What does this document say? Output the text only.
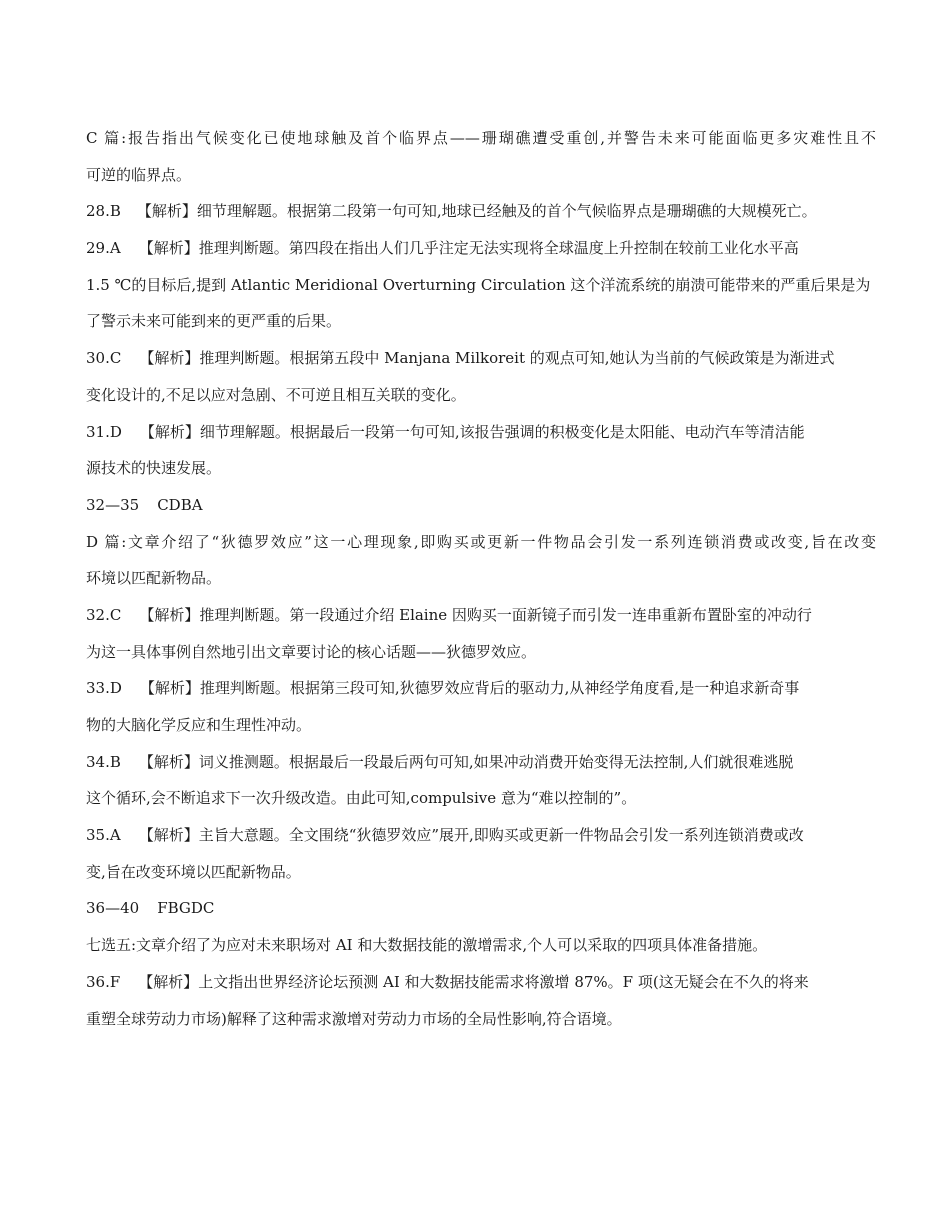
C 篇:报告指出气候变化已使地球触及首个临界点——珊瑚礁遭受重创,并警告未来可能面临更多灾难性且不
可逆的临界点。
28.B 【解析】细节理解题。根据第二段第一句可知,地球已经触及的首个气候临界点是珊瑚礁的大规模死亡。
29.A 【解析】推理判断题。第四段在指出人们几乎注定无法实现将全球温度上升控制在较前工业化水平高
1.5 ℃的目标后,提到 Atlantic Meridional Overturning Circulation 这个洋流系统的崩溃可能带来的严重后果是为
了警示未来可能到来的更严重的后果。
30.C 【解析】推理判断题。根据第五段中 Manjana Milkoreit 的观点可知,她认为当前的气候政策是为渐进式
变化设计的,不足以应对急剧、不可逆且相互关联的变化。
31.D 【解析】细节理解题。根据最后一段第一句可知,该报告强调的积极变化是太阳能、电动汽车等清洁能
源技术的快速发展。
32—35 CDBA
D 篇:文章介绍了“狄德罗效应”这一心理现象,即购买或更新一件物品会引发一系列连锁消费或改变,旨在改变
环境以匹配新物品。
32.C 【解析】推理判断题。第一段通过介绍 Elaine 因购买一面新镜子而引发一连串重新布置卧室的冲动行
为这一具体事例自然地引出文章要讨论的核心话题——狄德罗效应。
33.D 【解析】推理判断题。根据第三段可知,狄德罗效应背后的驱动力,从神经学角度看,是一种追求新奇事
物的大脑化学反应和生理性冲动。
34.B 【解析】词义推测题。根据最后一段最后两句可知,如果冲动消费开始变得无法控制,人们就很难逃脱
这个循环,会不断追求下一次升级改造。由此可知,compulsive 意为“难以控制的”。
35.A 【解析】主旨大意题。全文围绕“狄德罗效应”展开,即购买或更新一件物品会引发一系列连锁消费或改
变,旨在改变环境以匹配新物品。
36—40 FBGDC
七选五:文章介绍了为应对未来职场对 AI 和大数据技能的激增需求,个人可以采取的四项具体准备措施。
36.F 【解析】上文指出世界经济论坛预测 AI 和大数据技能需求将激增 87%。F 项(这无疑会在不久的将来
重塑全球劳动力市场)解释了这种需求激增对劳动力市场的全局性影响,符合语境。
